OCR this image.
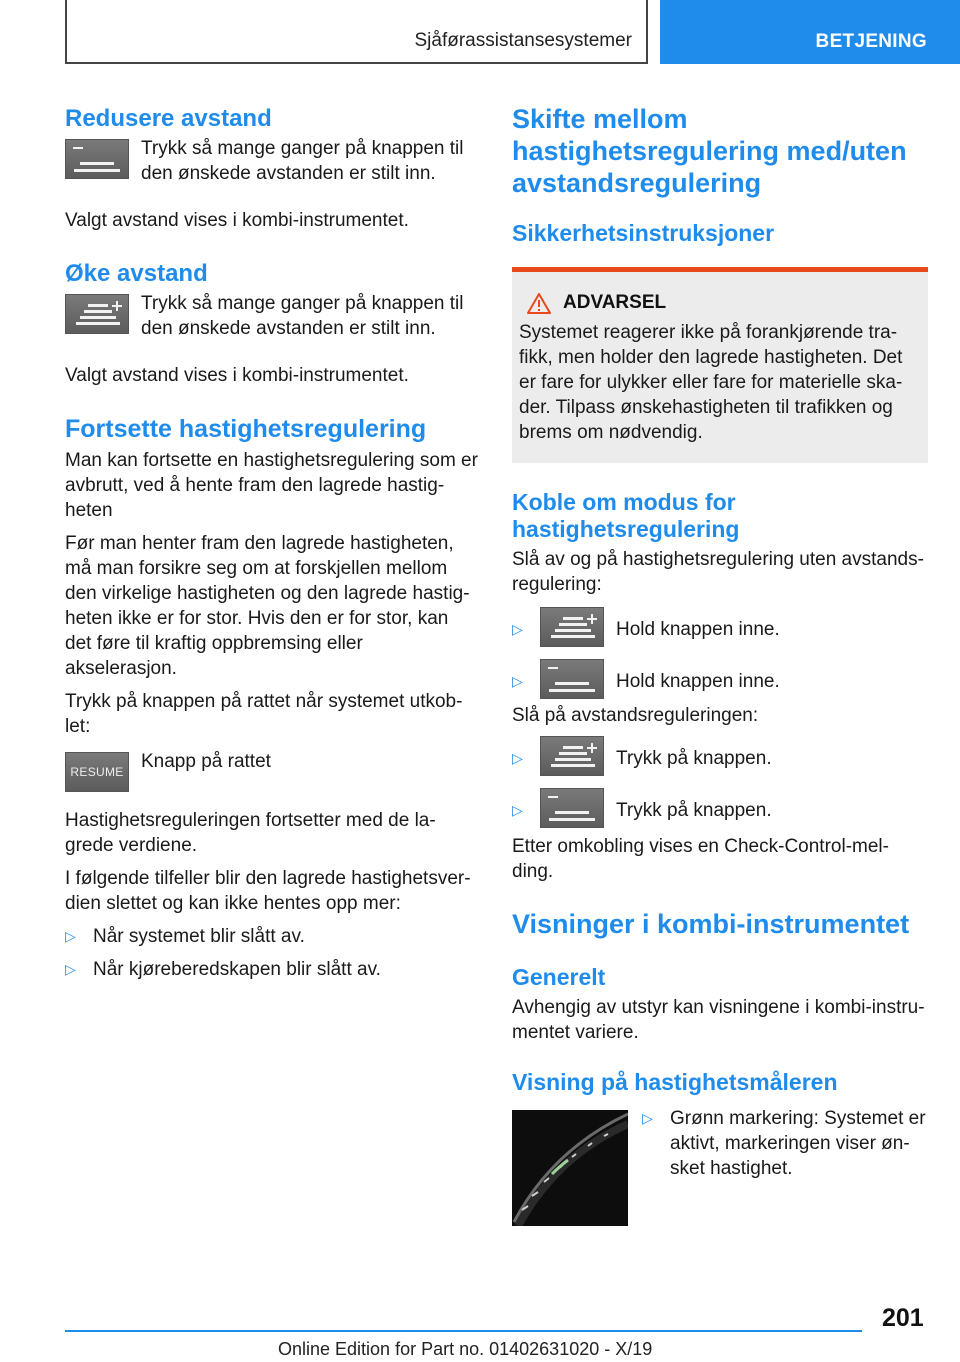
Sjåførassistansesystemer	BETJENING
Redusere avstand
Trykk så mange ganger på knappen til den ønskede avstanden er stilt inn.

Valgt avstand vises i kombi-instrumentet.

Øke avstand
Trykk så mange ganger på knappen til den ønskede avstanden er stilt inn.

Valgt avstand vises i kombi-instrumentet.

Fortsette hastighetsregulering

Man kan fortsette en hastighetsregulering som er avbrutt, ved å hente fram den lagrede hastig-heten

Før man henter fram den lagrede hastigheten, må man forsikre seg om at forskjellen mellom den virkelige hastigheten og den lagrede hastig-heten ikke er for stor. Hvis den er for stor, kan det føre til kraftig oppbremsing eller akselerasjon.

Trykk på knappen på rattet når systemet utkob-let:

RESUME Knapp på rattet

Hastighetsreguleringen fortsetter med de la-grede verdiene.

I følgende tilfeller blir den lagrede hastighetsver-dien slettet og kan ikke hentes opp mer:

▷ Når systemet blir slått av.
▷ Når kjøreberedskapen blir slått av.
Skifte mellom hastighetsregulering med/uten avstandsregulering
Sikkerhetsinstruksjoner
ADVARSEL

Systemet reagerer ikke på forankjørende tra-fikk, men holder den lagrede hastigheten. Det er fare for ulykker eller fare for materielle ska-der. Tilpass ønskehastigheten til trafikken og brems om nødvendig.

Koble om modus for hastighetsregulering

Slå av og på hastighetsregulering uten avstands-regulering:

▷	Hold knappen inne.
▷	Hold knappen inne.

Slå på avstandsreguleringen:

▷	Trykk på knappen.
▷	Trykk på knappen.

Etter omkobling vises en Check-Control-mel-ding.

Visninger i kombi-instrumentet
Generelt

Avhengig av utstyr kan visningene i kombi-instru-mentet variere.

Visning på hastighetsmåleren
▷ Grønn markering: Systemet er aktivt, markeringen viser øn-sket hastighet.
201
Online Edition for Part no. 01402631020 - X/19
